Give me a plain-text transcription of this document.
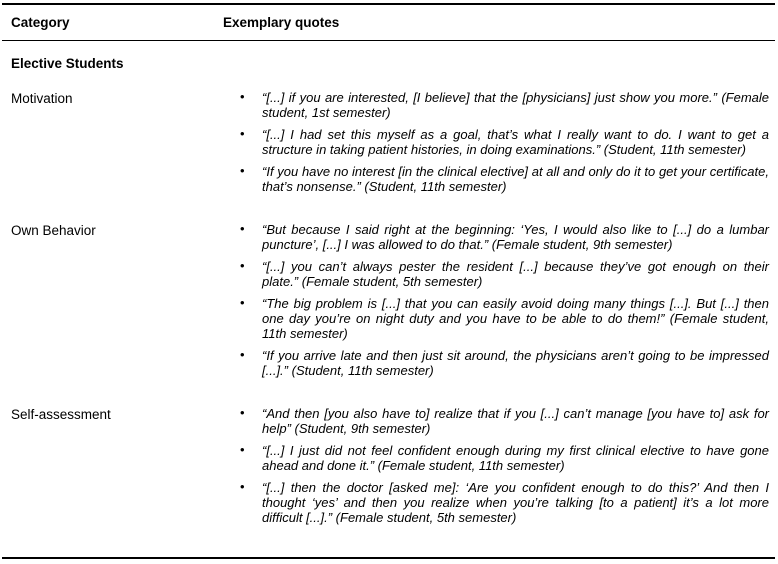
Category	Exemplary quotes
Elective Students
Motivation	• “[...] if you are interested, [I believe] that the [physicians] just show you more.” (Female student, 1st semester)
• “[...] I had set this myself as a goal, that’s what I really want to do. I want to get a structure in taking patient histories, in doing examinations.” (Student, 11th semester)
• “If you have no interest [in the clinical elective] at all and only do it to get your certificate, that’s nonsense.” (Student, 11th semester)
Own Behavior	• “But because I said right at the beginning: ‘Yes, I would also like to [...] do a lumbar puncture’, [...] I was allowed to do that.” (Female student, 9th semester)
• “[...] you can’t always pester the resident [...] because they’ve got enough on their plate.” (Female student, 5th semester)
• “The big problem is [...] that you can easily avoid doing many things [...]. But [...] then one day you’re on night duty and you have to be able to do them!” (Female student, 11th semester)
• “If you arrive late and then just sit around, the physicians aren’t going to be impressed [...].” (Student, 11th semester)
Self-assessment	• “And then [you also have to] realize that if you [...] can’t manage [you have to] ask for help” (Student, 9th semester)
• “[...] I just did not feel confident enough during my first clinical elective to have gone ahead and done it.” (Female student, 11th semester)
• “[...] then the doctor [asked me]: ‘Are you confident enough to do this?’ And then I thought ‘yes’ and then you realize when you’re talking [to a patient] it’s a lot more difficult [...].” (Female student, 5th semester)
